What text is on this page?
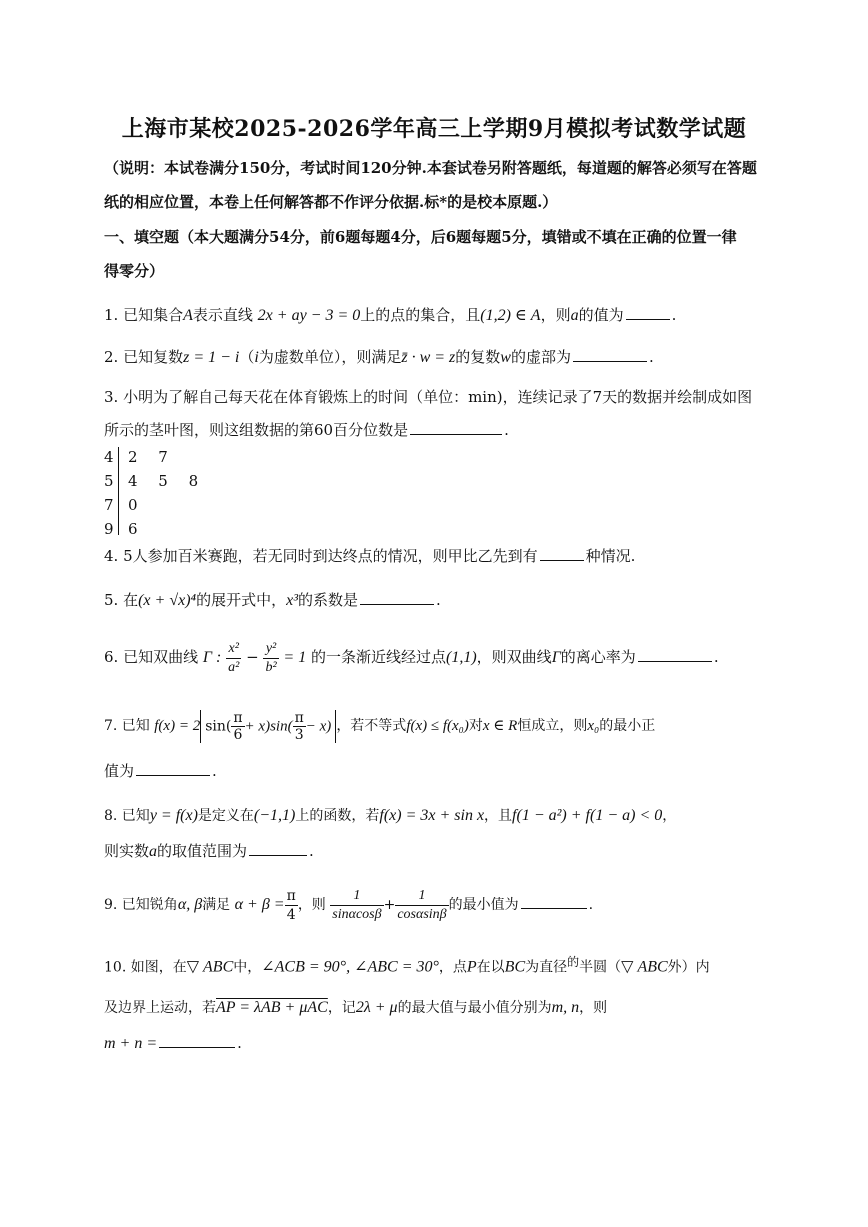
上海市某校2025-2026学年高三上学期9月模拟考试数学试题
（说明：本试卷满分150分，考试时间120分钟.本套试卷另附答题纸，每道题的解答必须写在答题
纸的相应位置，本卷上任何解答都不作评分依据.标*的是校本原题.）
一、填空题（本大题满分54分，前6题每题4分，后6题每题5分，填错或不填在正确的位置一律
得零分）
1. 已知集合A表示直线 2x + ay − 3 = 0上的点的集合，且(1,2) ∈ A，则a的值为	.
2. 已知复数z = 1 − i（i为虚数单位），则满足z̄ · w = z的复数w的虚部为	.
3. 小明为了解自己每天花在体育锻炼上的时间（单位：min)，连续记录了7天的数据并绘制成如图
所示的茎叶图，则这组数据的第60百分位数是	.
4 2 7
5 4 5 8
7 0
9 6
4. 5人参加百米赛跑，若无同时到达终点的情况，则甲比乙先到有	种情况.
5. 在(x + √x)⁴的展开式中，x³的系数是	.
6. 已知双曲线 Γ : $\frac{\text{x²}}{\text{a²}} - \frac{\text{y²}}{\text{b²}} = 1$ 的一条渐近线经过点(1,1)，则双曲线Γ的离心率为	.
7. 已知 f(x) = 2 $\sin( \frac{\pi}{6} + x)\sin( \frac{\pi}{3} - x)$ ，若不等式f(x) ≤ f(x₀)对x ∈ R恒成立，则x₀的最小正
值为	.
8. 已知y = f(x)是定义在(−1,1)上的函数，若f(x) = 3x + sin x，且f(1 − a²) + f(1 − a) < 0，
则实数a的取值范围为	.
9. 已知锐角α, β满足 $\alpha + \beta = \frac{\pi}{4}$ ，则 $\frac{1}{\sin\alpha\cos\beta} + \frac{1}{\cos\alpha\sin\beta}$ 的最小值为	.
10. 如图，在▽ ABC中，∠ACB = 90°, ∠ABC = 30°，点P在以BC为直径的半圆（▽ ABC外）内
及边界上运动，若AP = λAB + μAC，记2λ + μ的最大值与最小值分别为m, n，则
m + n =	.
